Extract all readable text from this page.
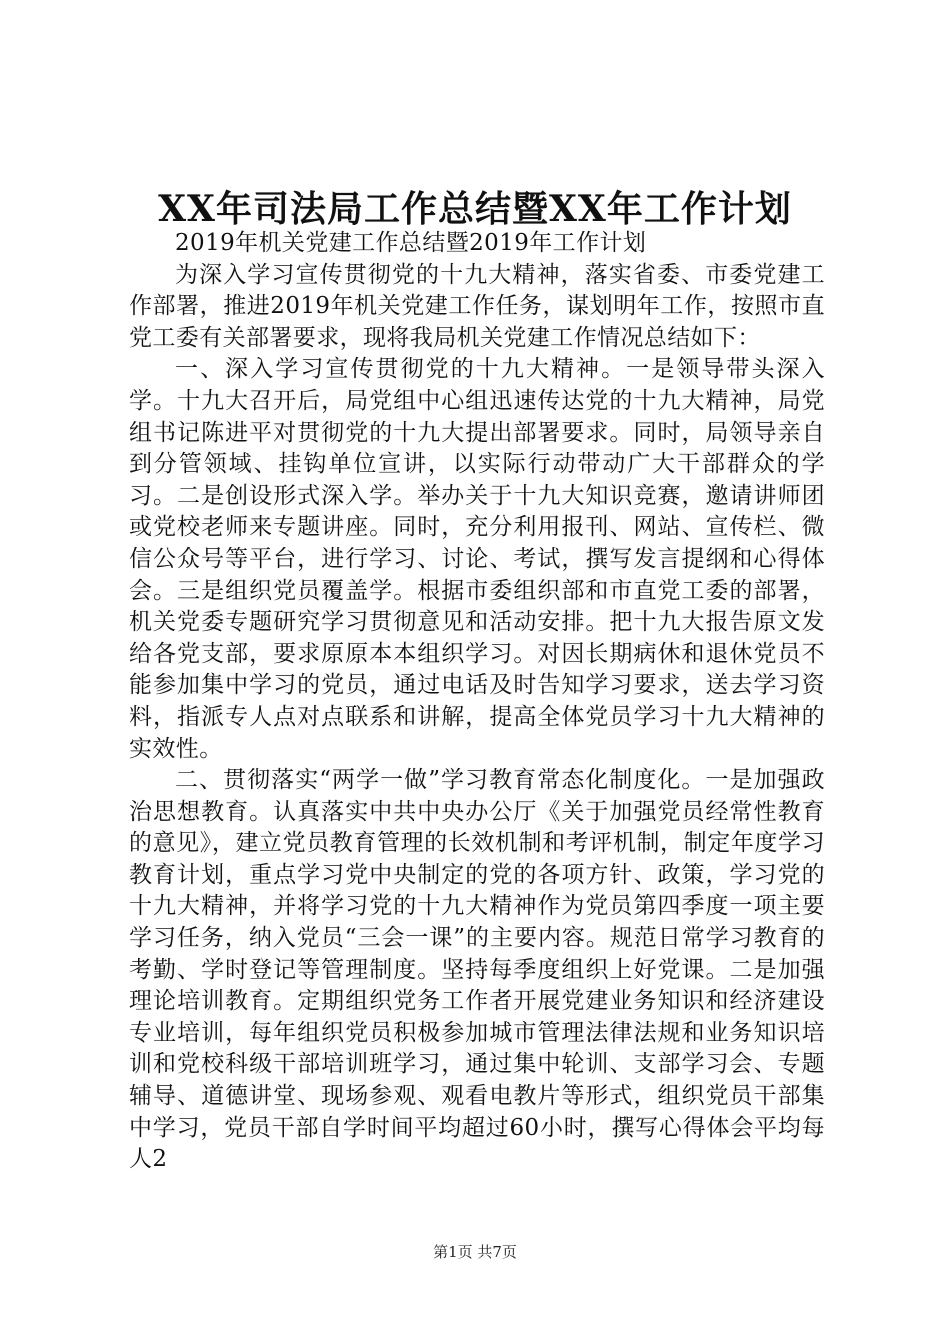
XX年司法局工作总结暨XX年工作计划

2019年机关党建工作总结暨2019年工作计划

为深入学习宣传贯彻党的十九大精神，落实省委、市委党建工作部署，推进2019年机关党建工作任务，谋划明年工作，按照市直党工委有关部署要求，现将我局机关党建工作情况总结如下：

一、深入学习宣传贯彻党的十九大精神。一是领导带头深入学。十九大召开后，局党组中心组迅速传达党的十九大精神，局党组书记陈进平对贯彻党的十九大提出部署要求。同时，局领导亲自到分管领域、挂钩单位宣讲，以实际行动带动广大干部群众的学习。二是创设形式深入学。举办关于十九大知识竞赛，邀请讲师团或党校老师来专题讲座。同时，充分利用报刊、网站、宣传栏、微信公众号等平台，进行学习、讨论、考试，撰写发言提纲和心得体会。三是组织党员覆盖学。根据市委组织部和市直党工委的部署，机关党委专题研究学习贯彻意见和活动安排。把十九大报告原文发给各党支部，要求原原本本组织学习。对因长期病休和退休党员不能参加集中学习的党员，通过电话及时告知学习要求，送去学习资料，指派专人点对点联系和讲解，提高全体党员学习十九大精神的实效性。

二、贯彻落实“两学一做”学习教育常态化制度化。一是加强政治思想教育。认真落实中共中央办公厅《关于加强党员经常性教育的意见》，建立党员教育管理的长效机制和考评机制，制定年度学习教育计划，重点学习党中央制定的党的各项方针、政策，学习党的十九大精神，并将学习党的十九大精神作为党员第四季度一项主要学习任务，纳入党员“三会一课”的主要内容。规范日常学习教育的考勤、学时登记等管理制度。坚持每季度组织上好党课。二是加强理论培训教育。定期组织党务工作者开展党建业务知识和经济建设专业培训，每年组织党员积极参加城市管理法律法规和业务知识培训和党校科级干部培训班学习，通过集中轮训、支部学习会、专题辅导、道德讲堂、现场参观、观看电教片等形式，组织党员干部集中学习，党员干部自学时间平均超过60小时，撰写心得体会平均每人2

第1页 共7页
